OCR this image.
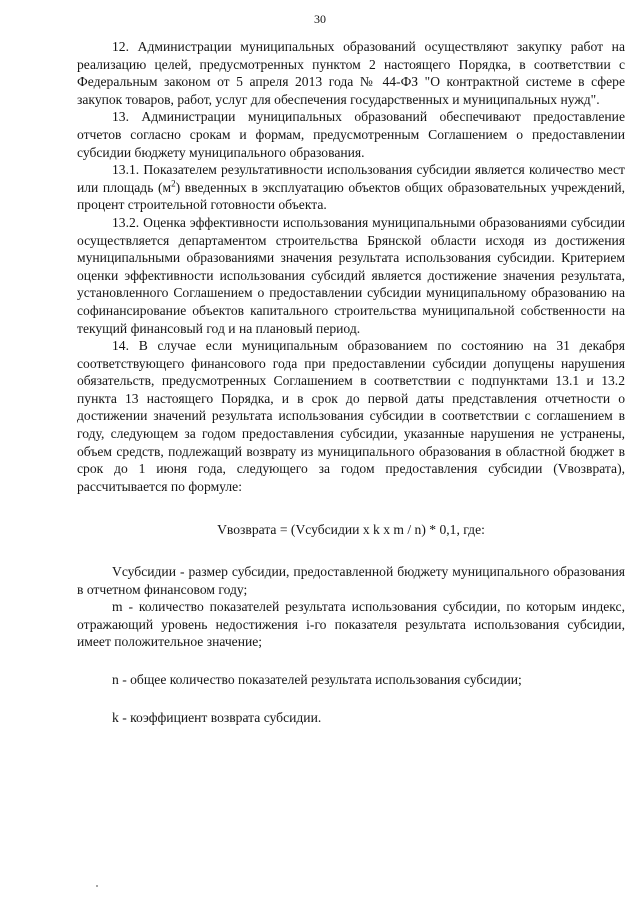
30

12. Администрации муниципальных образований осуществляют закупку работ на реализацию целей, предусмотренных пунктом 2 настоящего Порядка, в соответствии с Федеральным законом от 5 апреля 2013 года № 44-ФЗ "О контрактной системе в сфере закупок товаров, работ, услуг для обеспечения государственных и муниципальных нужд".

13. Администрации муниципальных образований обеспечивают предоставление отчетов согласно срокам и формам, предусмотренным Соглашением о предоставлении субсидии бюджету муниципального образования.

13.1. Показателем результативности использования субсидии является количество мест или площадь $(м^2)$ введенных в эксплуатацию объектов общих образовательных учреждений, процент строительной готовности объекта.

13.2. Оценка эффективности использования муниципальными образованиями субсидии осуществляется департаментом строительства Брянской области исходя из достижения муниципальными образованиями значения результата использования субсидии. Критерием оценки эффективности использования субсидий является достижение значения результата, установленного Соглашением о предоставлении субсидии муниципальному образованию на софинансирование объектов капитального строительства муниципальной собственности на текущий финансовый год и на плановый период.

14. В случае если муниципальным образованием по состоянию на 31 декабря соответствующего финансового года при предоставлении субсидии допущены нарушения обязательств, предусмотренных Соглашением в соответствии с подпунктами 13.1 и 13.2 пункта 13 настоящего Порядка, и в срок до первой даты представления отчетности о достижении значений результата использования субсидии в соответствии с соглашением в году, следующем за годом предоставления субсидии, указанные нарушения не устранены, объем средств, подлежащий возврату из муниципального образования в областной бюджет в срок до 1 июня года, следующего за годом предоставления субсидии (Vвозврата), рассчитывается по формуле:

Vвозврата = (Vсубсидии x k x m / n) * 0,1, где:

Vсубсидии - размер субсидии, предоставленной бюджету муниципального образования в отчетном финансовом году;

m - количество показателей результата использования субсидии, по которым индекс, отражающий уровень недостижения i-го показателя результата использования субсидии, имеет положительное значение;

n - общее количество показателей результата использования субсидии;

k - коэффициент возврата субсидии.
